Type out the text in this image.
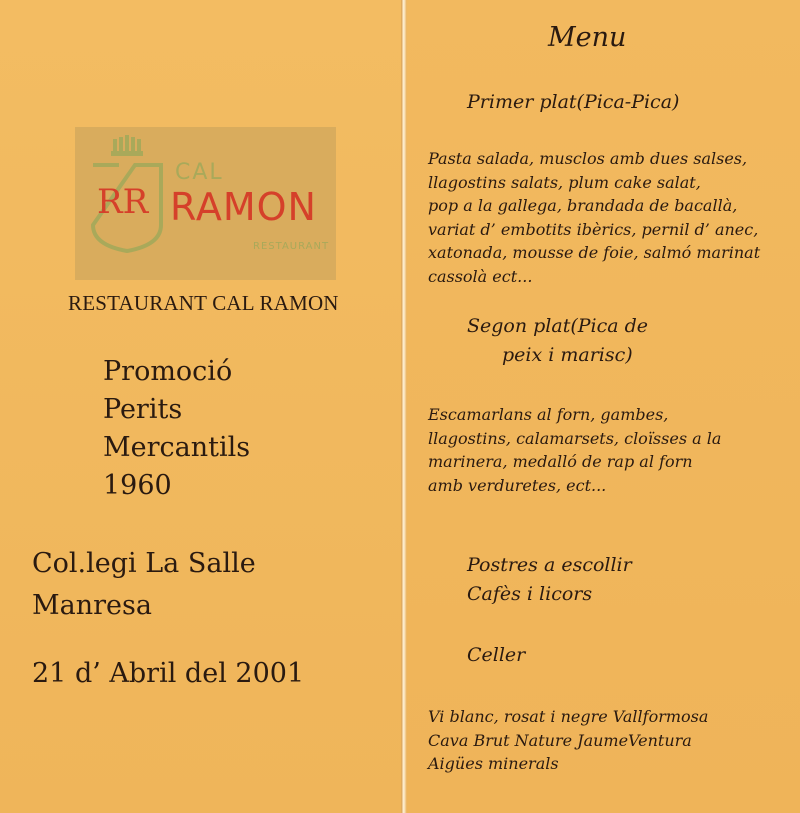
RR
CAL
RAMON
RESTAURANT
RESTAURANT CAL RAMON
Promoció
Perits
Mercantils
1960
Col.legi La Salle
Manresa
21 d’ Abril del 2001
Menu
Primer plat(Pica-Pica)
Pasta salada, musclos amb dues salses,
llagostins salats, plum cake salat,
pop a la gallega, brandada de bacallà,
variat d’ embotits ibèrics, pernil d’ anec,
xatonada, mousse de foie, salmó marinat
cassolà ect...
Segon plat(Pica de
peix i marisc)
Escamarlans al forn, gambes,
llagostins, calamarsets, cloïsses a la
marinera, medalló de rap al forn
amb verduretes, ect...
Postres a escollir
Cafès i licors
Celler
Vi blanc, rosat i negre Vallformosa
Cava Brut Nature JaumeVentura
Aigües minerals
